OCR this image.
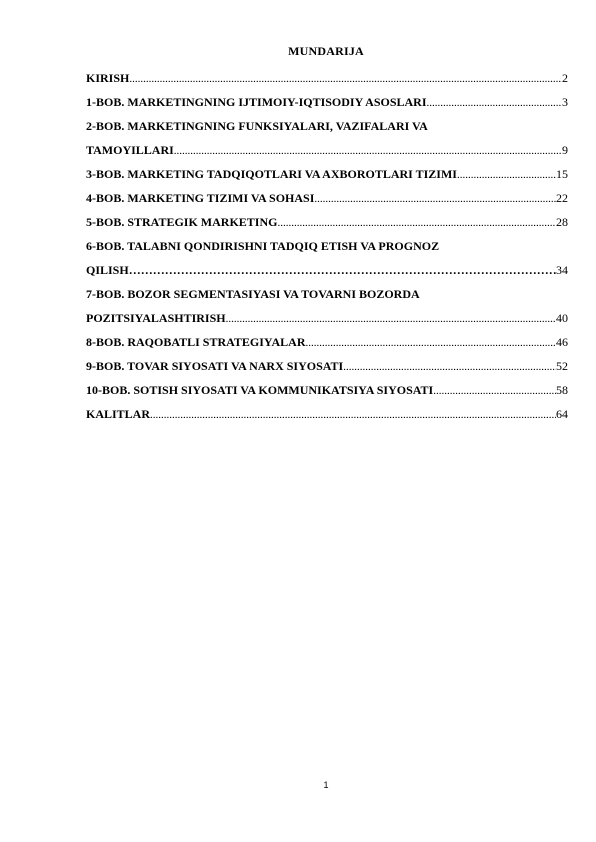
MUNDARIJA
KIRISH .....	2
1-BOB. MARKETINGNING IJTIMOIY-IQTISODIY ASOSLARI .....	3
2-BOB. MARKETINGNING FUNKSIYALARI, VAZIFALARI VA
TAMOYILLARI .....	9
3-BOB. MARKETING TADQIQOTLARI VA AXBOROTLARI TIZIMI .....	15
4-BOB. MARKETING TIZIMI VA SOHASI .....	22
5-BOB. STRATEGIK MARKETING .....	28
6-BOB. TALABNI QONDIRISHNI TADQIQ ETISH VA PROGNOZ
QILISH …………………………………………………………………………………………………………………………………………………………………	34
7-BOB. BOZOR SEGMENTASIYASI VA TOVARNI BOZORDA
POZITSIYALASHTIRISH .....	40
8-BOB. RAQOBATLI STRATEGIYALAR .....	46
9-BOB. TOVAR SIYOSATI VA NARX SIYOSATI .....	52
10-BOB. SOTISH SIYOSATI VA KOMMUNIKATSIYA SIYOSATI .....	58
KALITLAR .....	64
1
